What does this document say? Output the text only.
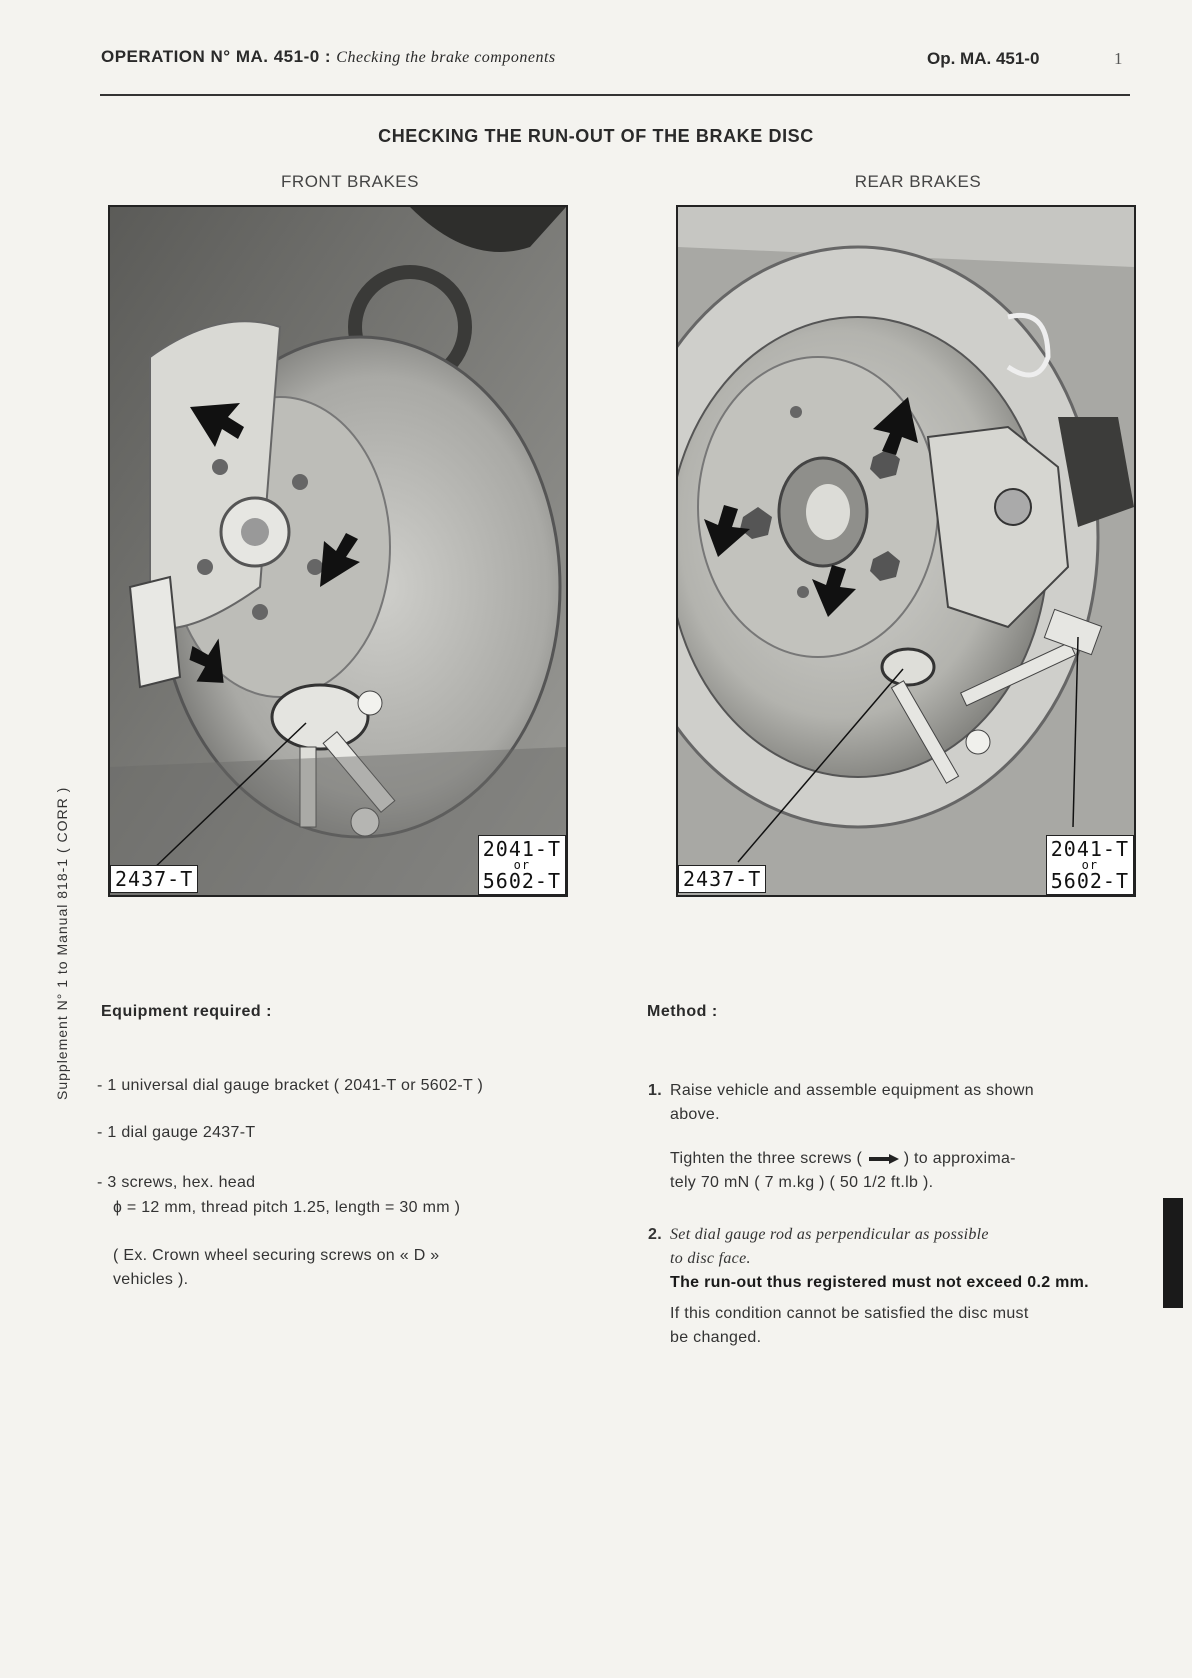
OPERATION N° MA. 451-0 : Checking the brake components	Op. MA. 451-0	1
CHECKING THE RUN-OUT OF THE BRAKE DISC
FRONT BRAKES	REAR BRAKES
2437-T
2041-T
or
5602-T	2437-T
2041-T
or
5602-T
Supplement N° 1 to Manual 818-1 ( CORR ) Equipment required :
- 1 universal dial gauge bracket ( 2041-T or 5602-T )
- 1 dial gauge 2437-T
- 3 screws, hex. head
ɸ = 12 mm, thread pitch 1.25, length = 30 mm )
( Ex. Crown wheel securing screws on « D »
vehicles ).
Method :
1. Raise vehicle and assemble equipment as shown
above.
Tighten the three screws (	) to approxima-
tely 70 mN ( 7 m.kg ) ( 50 1/2 ft.lb ).
2. Set dial gauge rod as perpendicular as possible
to disc face.
The run-out thus registered must not exceed 0.2 mm.
If this condition cannot be satisfied the disc must
be changed.
